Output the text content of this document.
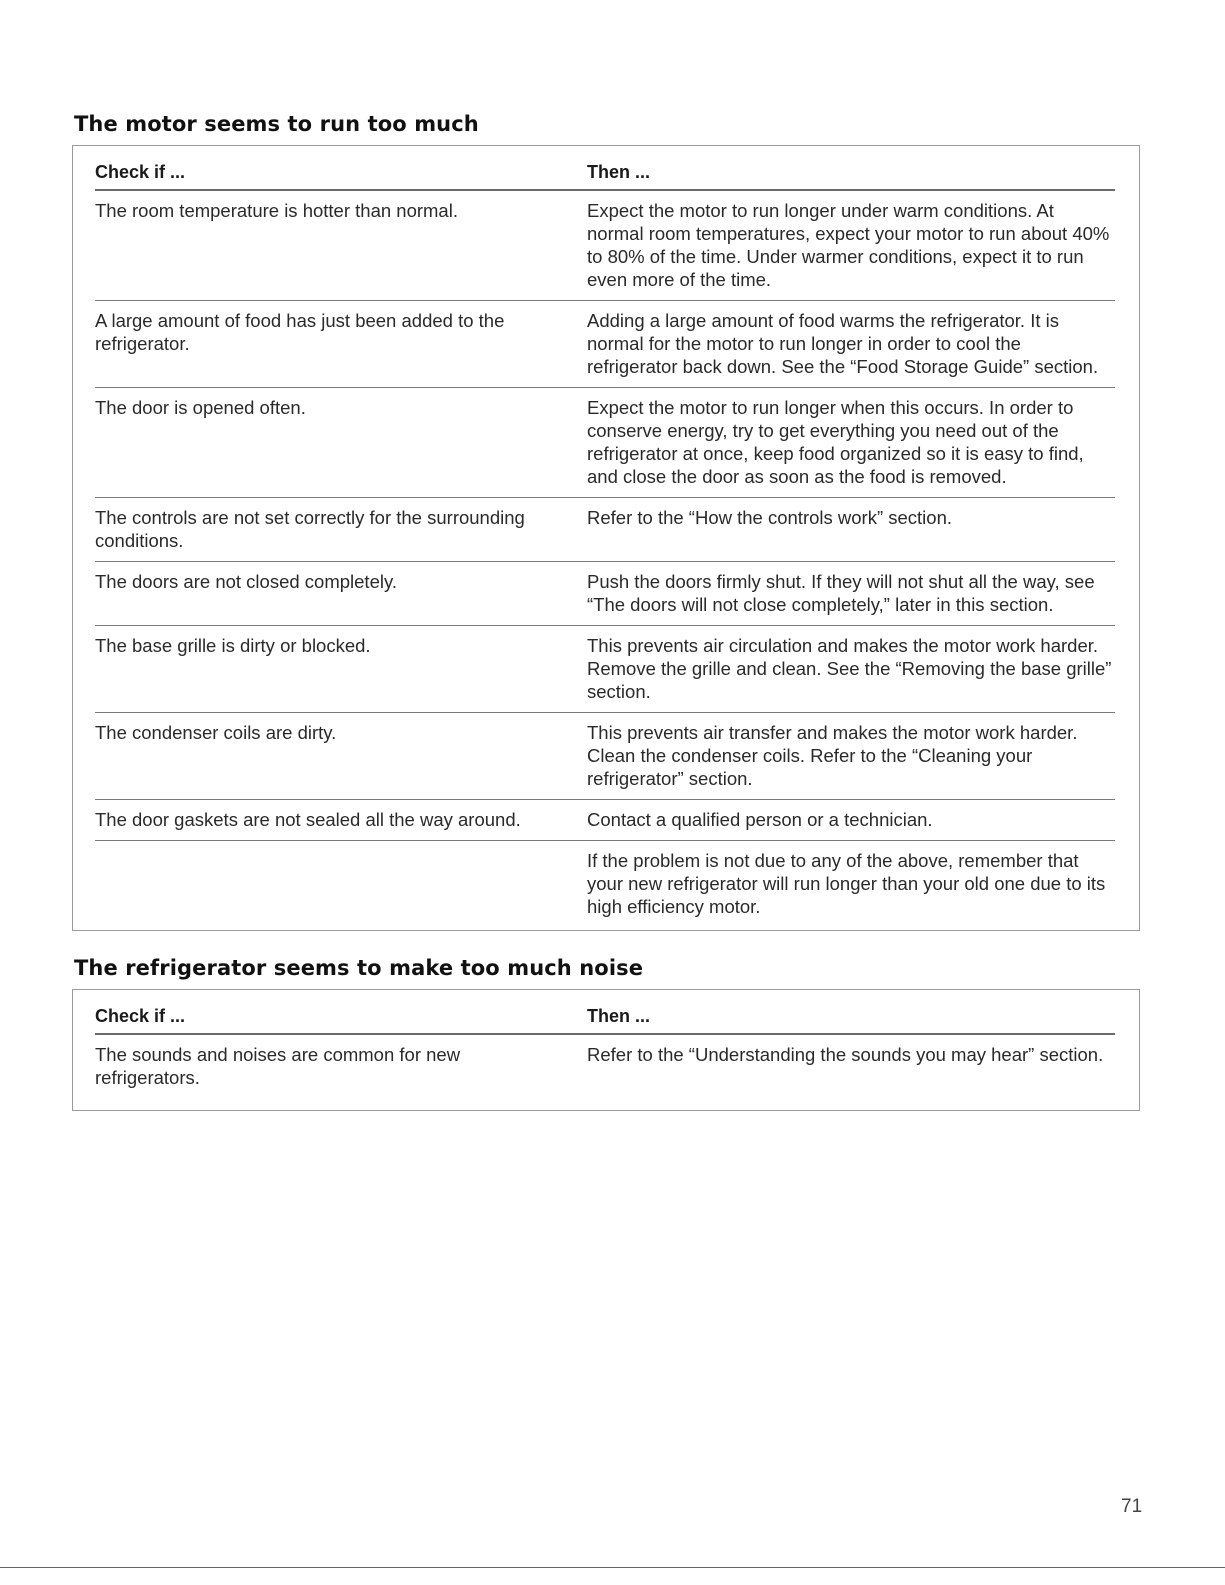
The motor seems to run too much
Check if ...	Then ...
The room temperature is hotter than normal.	Expect the motor to run longer under warm conditions. At normal room temperatures, expect your motor to run about 40% to 80% of the time. Under warmer conditions, expect it to run even more of the time.
A large amount of food has just been added to the refrigerator.	Adding a large amount of food warms the refrigerator. It is normal for the motor to run longer in order to cool the refrigerator back down. See the “Food Storage Guide” section.
The door is opened often.	Expect the motor to run longer when this occurs. In order to conserve energy, try to get everything you need out of the refrigerator at once, keep food organized so it is easy to find, and close the door as soon as the food is removed.
The controls are not set correctly for the surrounding conditions.	Refer to the “How the controls work” section.
The doors are not closed completely.	Push the doors firmly shut. If they will not shut all the way, see “The doors will not close completely,” later in this section.
The base grille is dirty or blocked.	This prevents air circulation and makes the motor work harder. Remove the grille and clean. See the “Removing the base grille” section.
The condenser coils are dirty.	This prevents air transfer and makes the motor work harder. Clean the condenser coils. Refer to the “Cleaning your refrigerator” section.
The door gaskets are not sealed all the way around.	Contact a qualified person or a technician.
	If the problem is not due to any of the above, remember that your new refrigerator will run longer than your old one due to its high efficiency motor.
The refrigerator seems to make too much noise
Check if ...	Then ...
The sounds and noises are common for new refrigerators.	Refer to the “Understanding the sounds you may hear” section.
71
